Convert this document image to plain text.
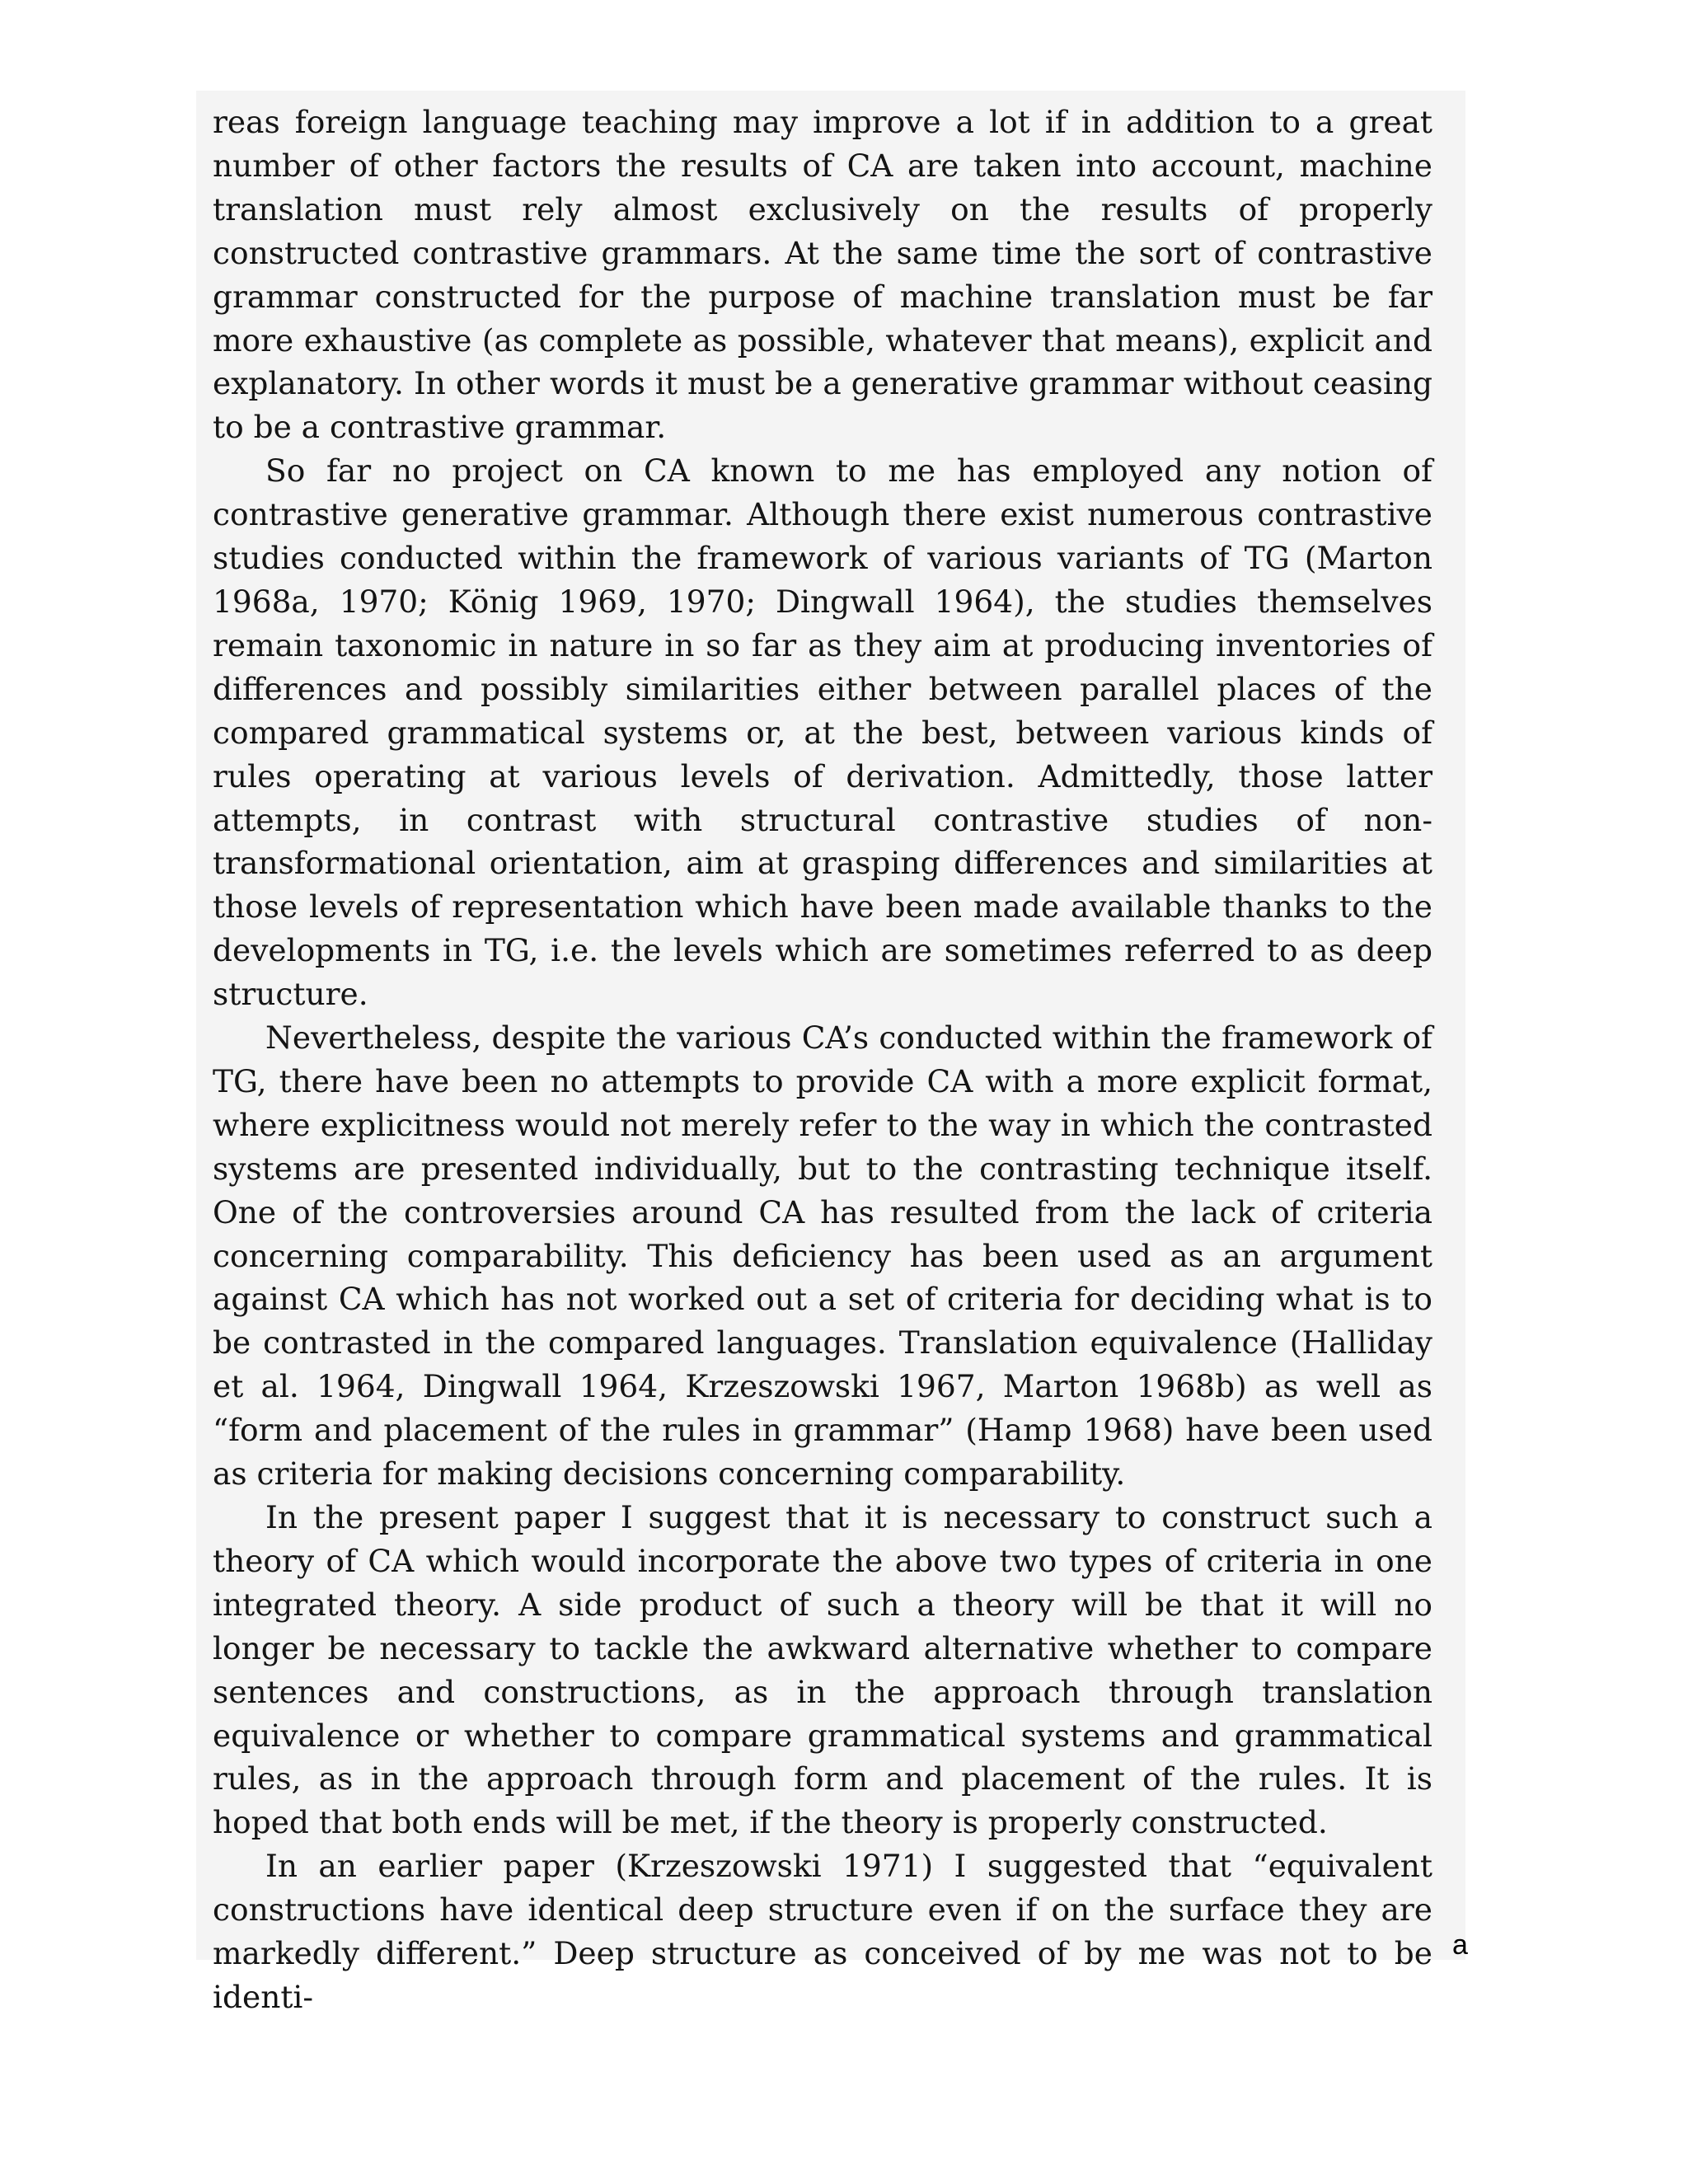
reas foreign language teaching may improve a lot if in addition to a great number of other factors the results of CA are taken into account, machine translation must rely almost exclusively on the results of properly constructed contrastive grammars. At the same time the sort of contrastive grammar constructed for the purpose of machine translation must be far more exhaustive (as complete as possible, whatever that means), explicit and explanatory. In other words it must be a generative grammar without ceasing to be a contrastive grammar.

So far no project on CA known to me has employed any notion of contrastive generative grammar. Although there exist numerous contrastive studies conducted within the framework of various variants of TG (Marton 1968a, 1970; König 1969, 1970; Dingwall 1964), the studies themselves remain taxonomic in nature in so far as they aim at producing inventories of differences and possibly similarities either between parallel places of the compared grammatical systems or, at the best, between various kinds of rules operating at various levels of derivation. Admittedly, those latter attempts, in contrast with structural contrastive studies of non-transformational orientation, aim at grasping differences and similarities at those levels of representation which have been made available thanks to the developments in TG, i.e. the levels which are sometimes referred to as deep structure.

Nevertheless, despite the various CA’s conducted within the framework of TG, there have been no attempts to provide CA with a more explicit format, where explicitness would not merely refer to the way in which the contrasted systems are presented individually, but to the contrasting technique itself. One of the controversies around CA has resulted from the lack of criteria concerning comparability. This deficiency has been used as an argument against CA which has not worked out a set of criteria for deciding what is to be contrasted in the compared languages. Translation equivalence (Halliday et al. 1964, Dingwall 1964, Krzeszowski 1967, Marton 1968b) as well as “form and placement of the rules in grammar” (Hamp 1968) have been used as criteria for making decisions concerning comparability.

In the present paper I suggest that it is necessary to construct such a theory of CA which would incorporate the above two types of criteria in one integrated theory. A side product of such a theory will be that it will no longer be necessary to tackle the awkward alternative whether to compare sentences and constructions, as in the approach through translation equivalence or whether to compare grammatical systems and grammatical rules, as in the approach through form and placement of the rules. It is hoped that both ends will be met, if the theory is properly constructed.

In an earlier paper (Krzeszowski 1971) I suggested that “equivalent constructions have identical deep structure even if on the surface they are markedly different.” Deep structure as conceived of by me was not to be identi-

a
